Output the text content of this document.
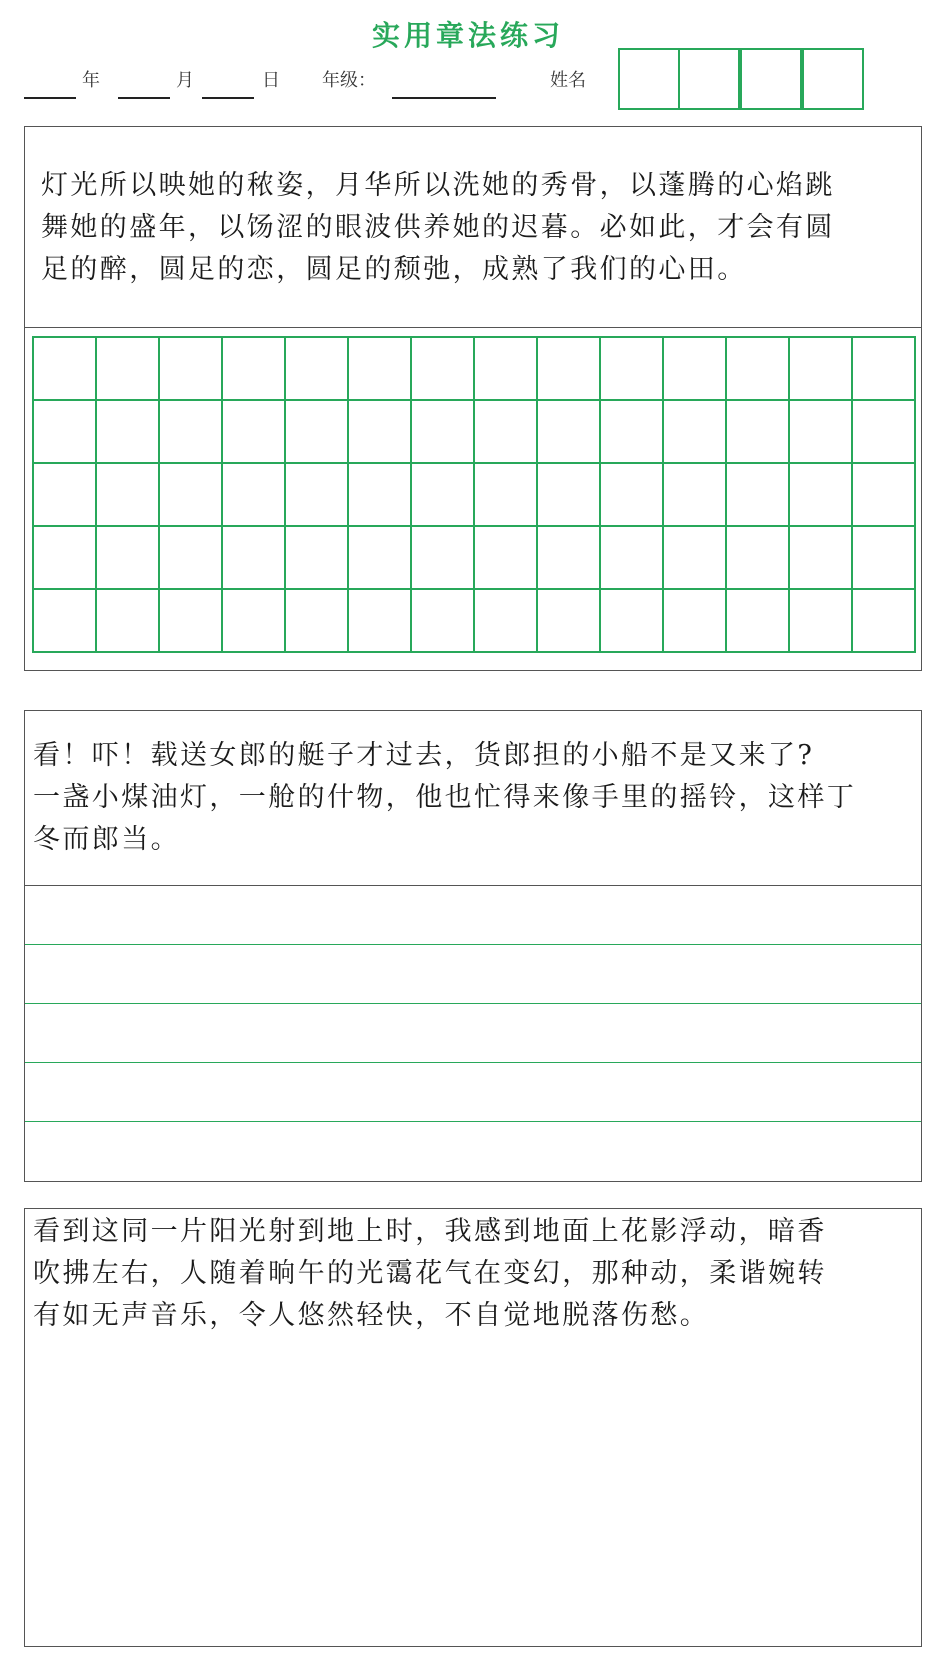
实用章法练习
年	月	日 年级：	姓名
灯光所以映她的秾姿，月华所以洗她的秀骨，以蓬腾的心焰跳
舞她的盛年，以饧涩的眼波供养她的迟暮。必如此，才会有圆
足的醉，圆足的恋，圆足的颓弛，成熟了我们的心田。
看！吓！载送女郎的艇子才过去，货郎担的小船不是又来了?
一盏小煤油灯，一舱的什物，他也忙得来像手里的摇铃，这样丁
冬而郎当。
看到这同一片阳光射到地上时，我感到地面上花影浮动，暗香
吹拂左右，人随着晌午的光霭花气在变幻，那种动，柔谐婉转
有如无声音乐，令人悠然轻快，不自觉地脱落伤愁。
